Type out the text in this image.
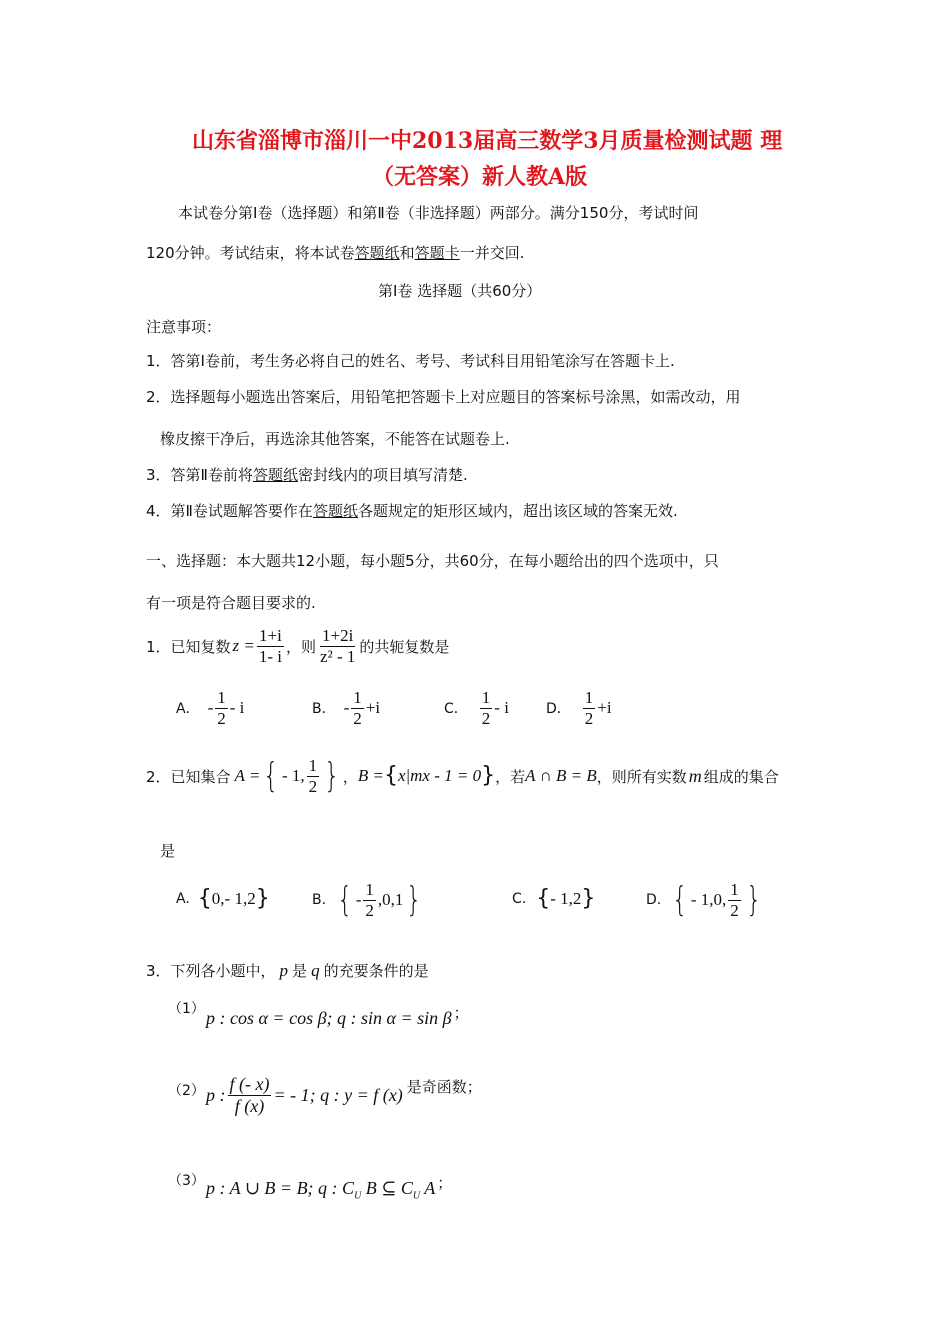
山东省淄博市淄川一中2013届高三数学3月质量检测试题 理
（无答案）新人教A版
本试卷分第Ⅰ卷（选择题）和第Ⅱ卷（非选择题）两部分。满分150分，考试时间
120分钟。考试结束，将本试卷答题纸和答题卡一并交回.
第Ⅰ卷 选择题（共60分）
注意事项：
1．答第Ⅰ卷前，考生务必将自己的姓名、考号、考试科目用铅笔涂写在答题卡上.
2．选择题每小题选出答案后，用铅笔把答题卡上对应题目的答案标号涂黑，如需改动，用
橡皮擦干净后，再选涂其他答案，不能答在试题卷上.
3．答第Ⅱ卷前将答题纸密封线内的项目填写清楚.
4．第Ⅱ卷试题解答要作在答题纸各题规定的矩形区域内，超出该区域的答案无效.
一、选择题：本大题共12小题，每小题5分，共60分，在每小题给出的四个选项中，只
有一项是符合题目要求的.
1．已知复数 $z = \frac{1+i}{1- i}$ ，则 $\frac{1+2i}{\text{z² - 1}}$ 的共轭复数是
A． - $\frac{1}{2}$ - i	B． - $\frac{1}{2} +i$	C． $\frac{1}{2}$ - i	D． $\frac{1}{2} +i$
2．已知集合 A = { - 1, $\frac{1}{2}$ } ， B = { x|mx - 1 = 0 } ，若 A ∩ B = B ，则所有实数 m 组成的集合
是
A. { 0,- 1,2 }	B. { - $\frac{1}{2} ,0,1$ }	C. { - 1,2 }	D. { - 1,0, $\frac{1}{2}$ }
3．下列各小题中， p 是 q 的充要条件的是
（1） p : cos α = cos β; q : sin α = sin β ；
（2） p : $\frac{f (- x)}{f (x)}$ = - 1; q : y = f (x) 是奇函数；
（3） p : A ∪ B = B; q : $C_U$ B ⊆ $C_U$ A ；
